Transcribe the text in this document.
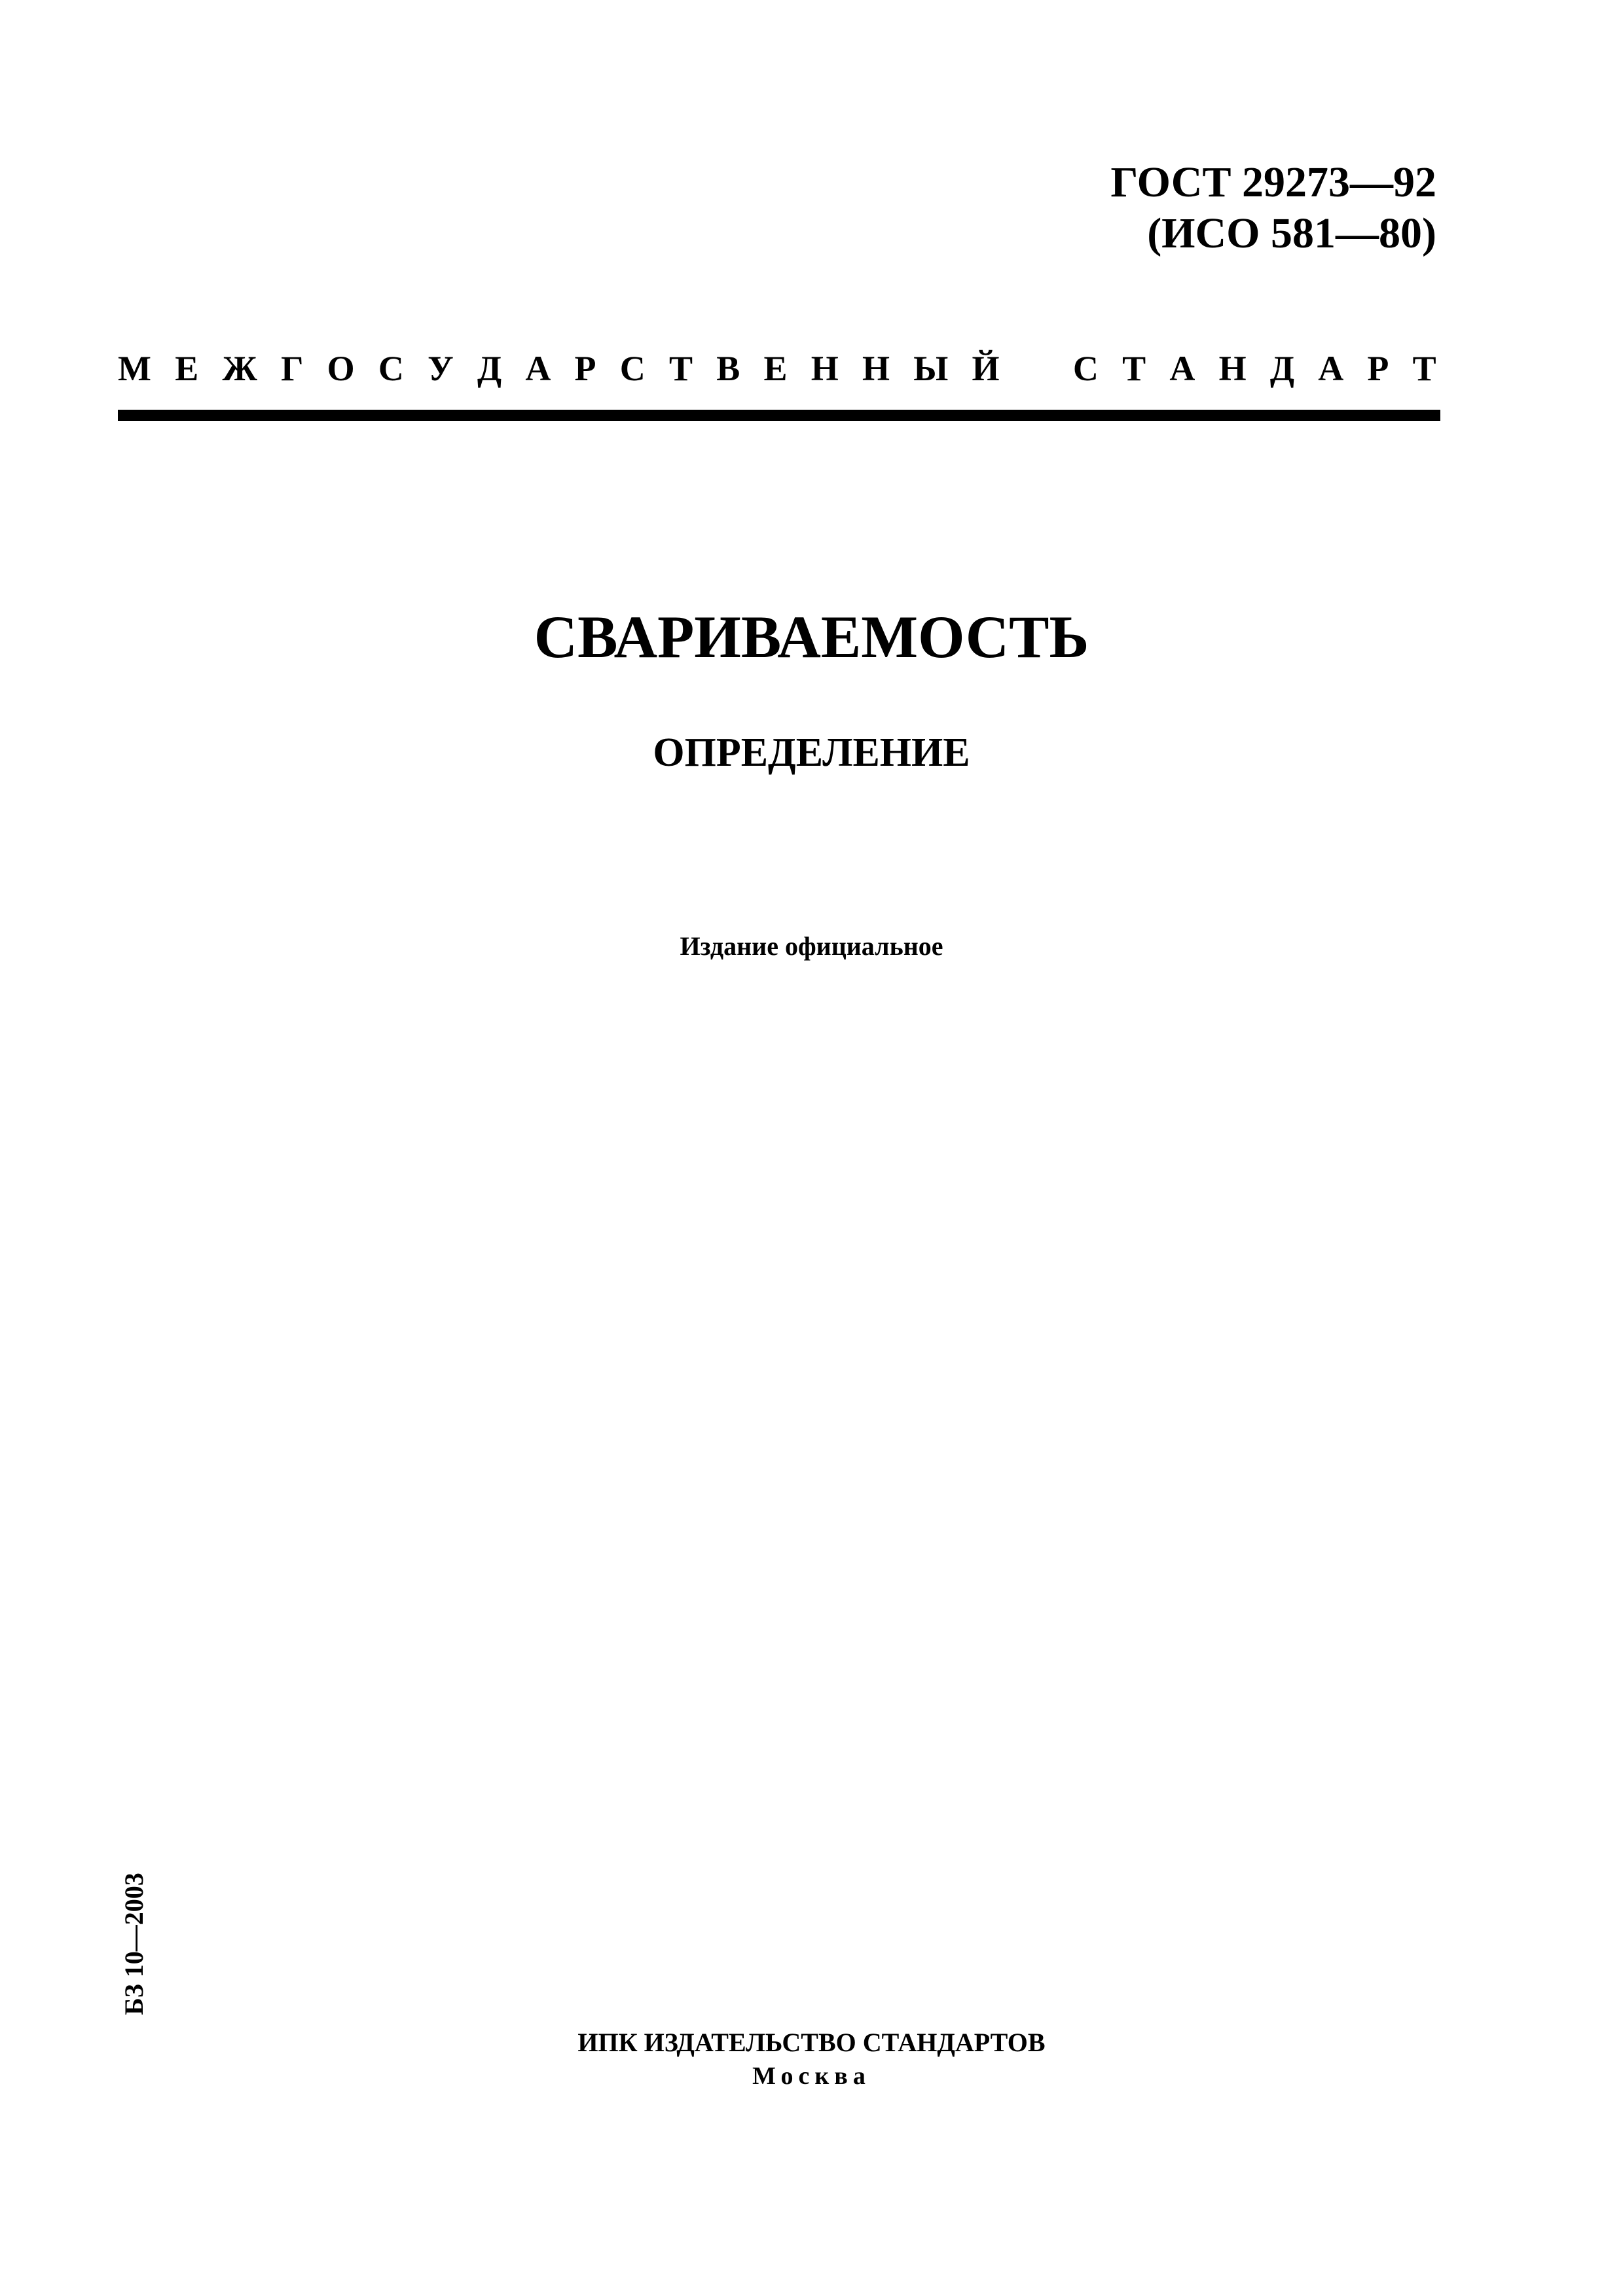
ГОСТ 29273—92
(ИСО 581—80)
М Е Ж Г О С У Д А Р С Т В Е Н Н Ы Й С Т А Н Д А Р Т
СВАРИВАЕМОСТЬ
ОПРЕДЕЛЕНИЕ
Издание официальное
БЗ 10—2003
ИПК ИЗДАТЕЛЬСТВО СТАНДАРТОВ
Москва
